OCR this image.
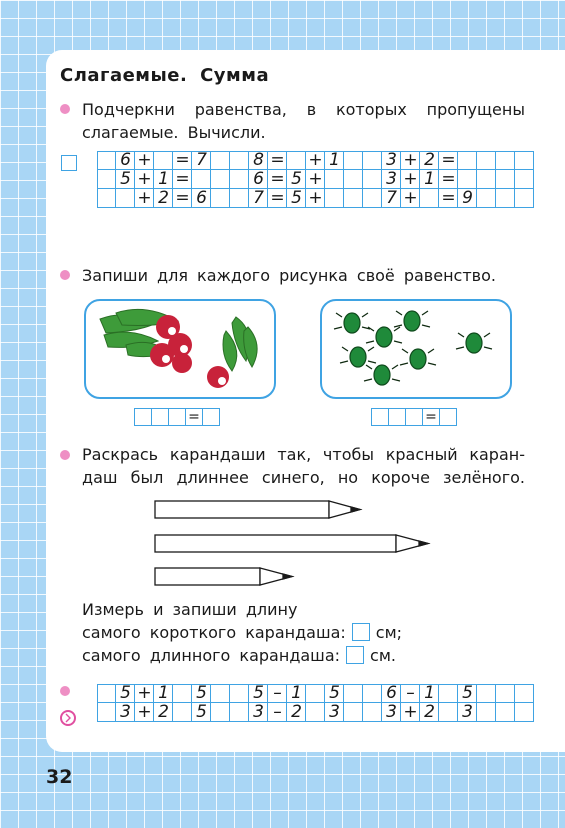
Слагаемые. Сумма
Подчеркни равенства, в которых пропущены
слагаемые. Вычисли.
6 + = 7	8 = + 1	3 + 2 =
5 + 1 =	6 = 5 +	3 + 1 =
+ 2 = 6	7 = 5 +	7 + = 9
Запиши для каждого рисунка своё равенство.
=	=
Раскрась карандаши так, чтобы красный каран-
даш был длиннее синего, но короче зелёного.
Измерь и запиши длину
самого короткого карандаша: см;
самого длинного карандаша: см.
5 + 1 5	5 – 1 5	6 – 1 5
3 + 2 5	3 – 2 3	3 + 2 3
32
